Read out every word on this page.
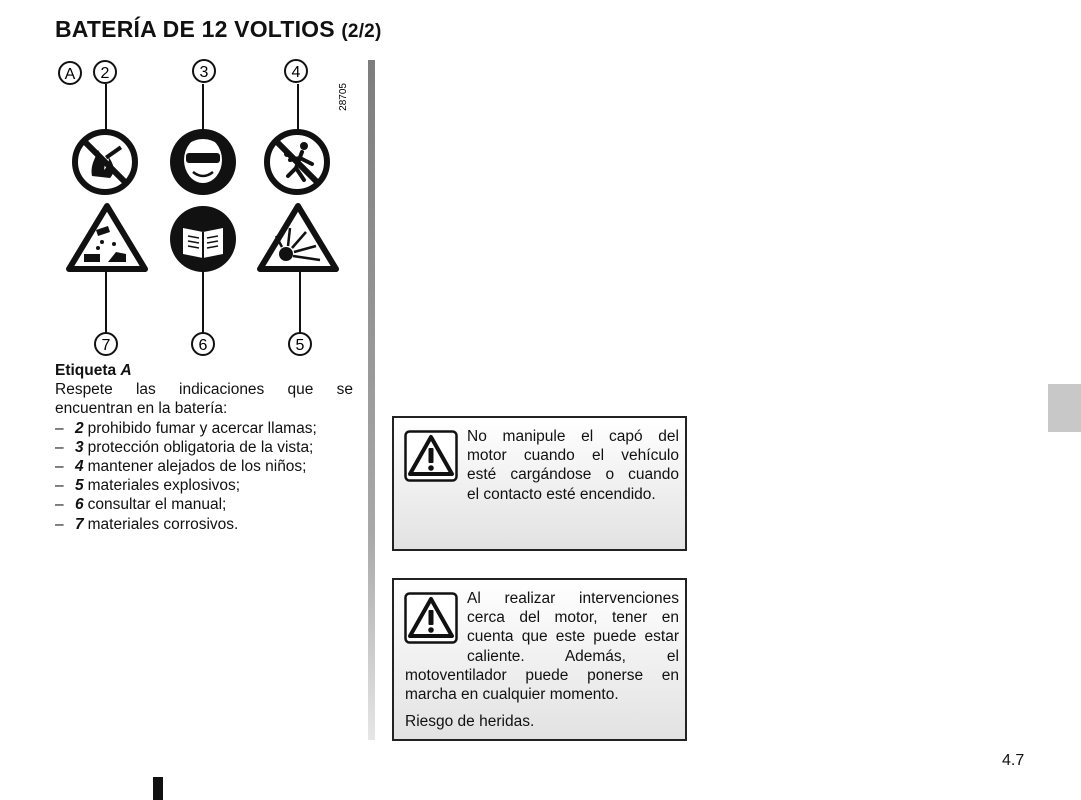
BATERÍA DE 12 VOLTIOS (2/2)
A 2	3	4
28705
7	6	5
Etiqueta A
Respete las indicaciones que se encuentran en la batería:
– 2 prohibido fumar y acercar llamas;
– 3 protección obligatoria de la vista;
– 4 mantener alejados de los niños;
– 5 materiales explosivos;
– 6 consultar el manual;
– 7 materiales corrosivos.
No manipule el capó del
motor cuando el vehículo
esté cargándose o cuando
el contacto esté encendido.

Al realizar intervenciones cerca del motor, tener en cuenta que este puede estar caliente. Además, el motoventilador puede ponerse en marcha en cualquier momento.

Riesgo de heridas.

4.7
